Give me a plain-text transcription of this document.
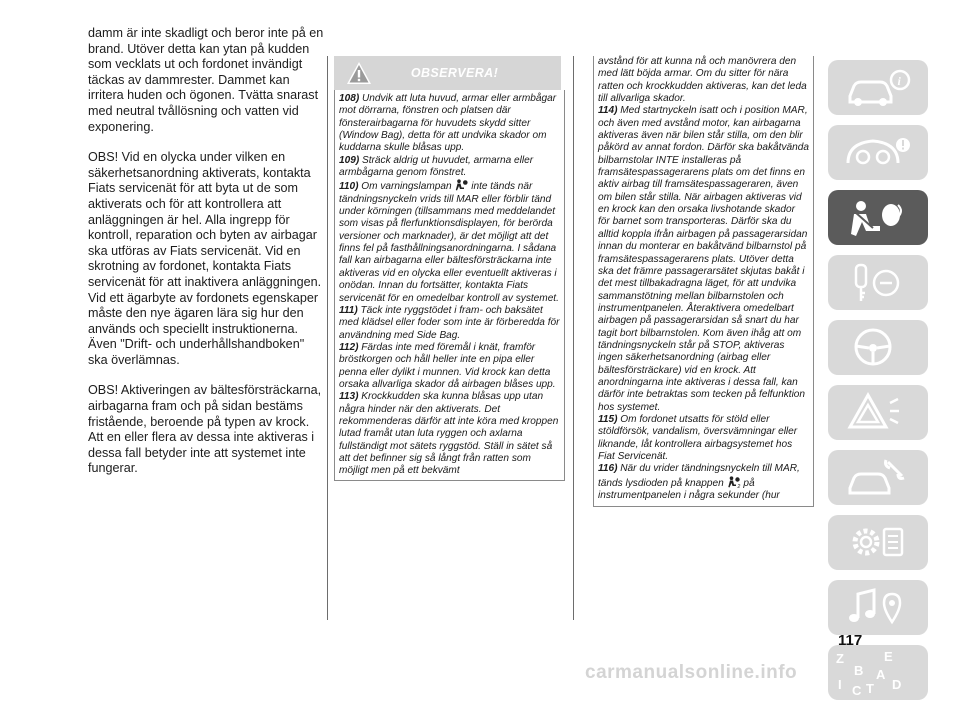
damm är inte skadligt och beror inte på en brand. Utöver detta kan ytan på kudden som vecklats ut och fordonet invändigt täckas av dammrester. Dammet kan irritera huden och ögonen. Tvätta snarast med neutral tvållösning och vatten vid exponering.

OBS! Vid en olycka under vilken en säkerhetsanordning aktiverats, kontakta Fiats servicenät för att byta ut de som aktiverats och för att kontrollera att anläggningen är hel. Alla ingrepp för kontroll, reparation och byten av airbagar ska utföras av Fiats servicenät. Vid en skrotning av fordonet, kontakta Fiats servicenät för att inaktivera anläggningen. Vid ett ägarbyte av fordonets egenskaper måste den nye ägaren lära sig hur den används och speciellt instruktionerna. Även "Drift- och underhållshandboken" ska överlämnas.

OBS! Aktiveringen av bältesförsträckarna, airbagarna fram och på sidan bestäms fristående, beroende på typen av krock. Att en eller flera av dessa inte aktiveras i dessa fall betyder inte att systemet inte fungerar.

OBSERVERA!
108) Undvik att luta huvud, armar eller armbågar mot dörrarna, fönstren och platsen där fönsterairbagarna för huvudets skydd sitter (Window Bag), detta för att undvika skador om kuddarna skulle blåsas upp.
109) Sträck aldrig ut huvudet, armarna eller armbågarna genom fönstret.
110) Om varningslampan inte tänds när tändningsnyckeln vrids till MAR eller förblir tänd under körningen (tillsammans med meddelandet som visas på flerfunktionsdisplayen, för berörda versioner och marknader), är det möjligt att det finns fel på fasthållningsanordningarna. I sådana fall kan airbagarna eller bältesförsträckarna inte aktiveras vid en olycka eller eventuellt aktiveras i onödan. Innan du fortsätter, kontakta Fiats servicenät för en omedelbar kontroll av systemet.
111) Täck inte ryggstödet i fram- och baksätet med klädsel eller foder som inte är förberedda för användning med Side Bag.
112) Färdas inte med föremål i knät, framför bröstkorgen och håll heller inte en pipa eller penna eller dylikt i munnen. Vid krock kan detta orsaka allvarliga skador då airbagen blåses upp.
113) Krockkudden ska kunna blåsas upp utan några hinder när den aktiverats. Det rekommenderas därför att inte köra med kroppen lutad framåt utan luta ryggen och axlarna fullständigt mot sätets ryggstöd. Ställ in sätet så att det befinner sig så långt från ratten som möjligt men på ett bekvämt
avstånd för att kunna nå och manövrera den med lätt böjda armar. Om du sitter för nära ratten och krockkudden aktiveras, kan det leda till allvarliga skador.
114) Med startnyckeln isatt och i position MAR, och även med avstånd motor, kan airbagarna aktiveras även när bilen står stilla, om den blir påkörd av annat fordon. Därför ska bakåtvända bilbarnstolar INTE installeras på framsätespassagerarens plats om det finns en aktiv airbag till framsätespassageraren, även om bilen står stilla. När airbagen aktiveras vid en krock kan den orsaka livshotande skador för barnet som transporteras. Därför ska du alltid koppla ifrån airbagen på passagerarsidan innan du monterar en bakåtvänd bilbarnstol på framsätespassagerarens plats. Utöver detta ska det främre passagerarsätet skjutas bakåt i det mest tillbakadragna läget, för att undvika sammanstötning mellan bilbarnstolen och instrumentpanelen. Återaktivera omedelbart airbagen på passagerarsidan så snart du har tagit bort bilbarnstolen. Kom även ihåg att om tändningsnyckeln står på STOP, aktiveras ingen säkerhetsanordning (airbag eller bältesförsträckare) vid en krock. Att anordningarna inte aktiveras i dessa fall, kan därför inte betraktas som tecken på felfunktion hos systemet.
115) Om fordonet utsatts för stöld eller stöldförsök, vandalism, översvämningar eller liknande, låt kontrollera airbagsystemet hos Fiat Servicenät.
116) När du vrider tändningsnyckeln till MAR, tänds lysdioden på knappen	2 på instrumentpanelen i några sekunder (hur
i
Z	E
B A
I C T D
117
carmanualsonline.info
